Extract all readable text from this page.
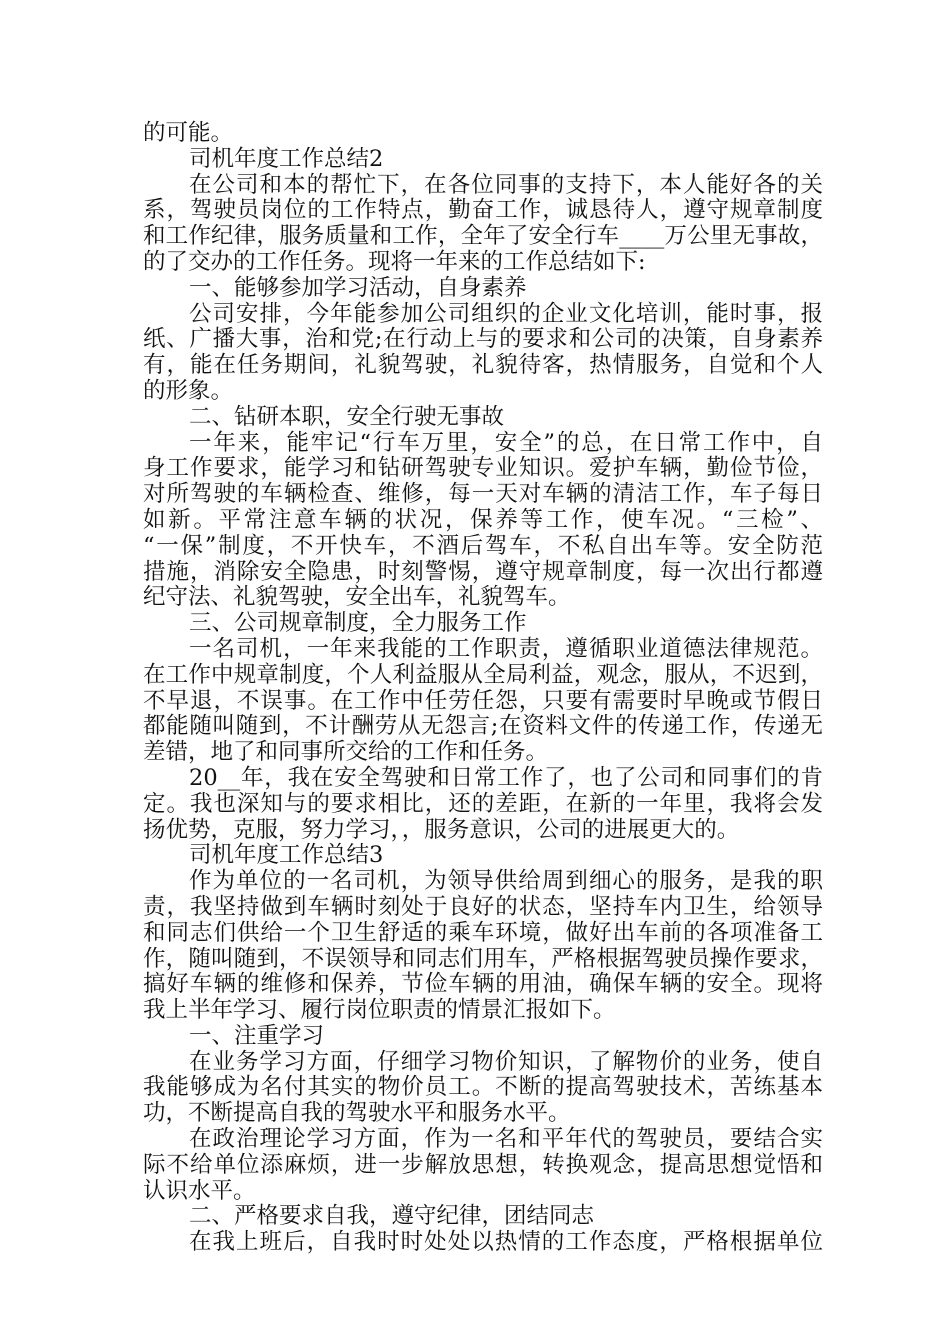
的可能。
司机年度工作总结2
在公司和本的帮忙下，在各位同事的支持下，本人能好各的关
系，驾驶员岗位的工作特点，勤奋工作，诚恳待人，遵守规章制度
和工作纪律，服务质量和工作，全年了安全行车____万公里无事故，
的了交办的工作任务。现将一年来的工作总结如下:
一、能够参加学习活动，自身素养
公司安排，今年能参加公司组织的企业文化培训，能时事，报
纸、广播大事，治和党;在行动上与的要求和公司的决策，自身素养
有，能在任务期间，礼貌驾驶，礼貌待客，热情服务，自觉和个人
的形象。
二、钻研本职，安全行驶无事故
一年来，能牢记“行车万里，安全”的总，在日常工作中，自
身工作要求，能学习和钻研驾驶专业知识。爱护车辆，勤俭节俭，
对所驾驶的车辆检查、维修，每一天对车辆的清洁工作，车子每日
如新。平常注意车辆的状况，保养等工作，使车况。“三检”、
“一保”制度，不开快车，不酒后驾车，不私自出车等。安全防范
措施，消除安全隐患，时刻警惕，遵守规章制度，每一次出行都遵
纪守法、礼貌驾驶，安全出车，礼貌驾车。
三、公司规章制度，全力服务工作
一名司机，一年来我能的工作职责，遵循职业道德法律规范。
在工作中规章制度，个人利益服从全局利益，观念，服从，不迟到，
不早退，不误事。在工作中任劳任怨，只要有需要时早晚或节假日
都能随叫随到，不计酬劳从无怨言;在资料文件的传递工作，传递无
差错，地了和同事所交给的工作和任务。
20__年，我在安全驾驶和日常工作了，也了公司和同事们的肯
定。我也深知与的要求相比，还的差距，在新的一年里，我将会发
扬优势，克服，努力学习，，服务意识，公司的进展更大的。
司机年度工作总结3
作为单位的一名司机，为领导供给周到细心的服务，是我的职
责，我坚持做到车辆时刻处于良好的状态，坚持车内卫生，给领导
和同志们供给一个卫生舒适的乘车环境，做好出车前的各项准备工
作，随叫随到，不误领导和同志们用车，严格根据驾驶员操作要求，
搞好车辆的维修和保养，节俭车辆的用油，确保车辆的安全。现将
我上半年学习、履行岗位职责的情景汇报如下。
一、注重学习
在业务学习方面，仔细学习物价知识，了解物价的业务，使自
我能够成为名付其实的物价员工。不断的提高驾驶技术，苦练基本
功，不断提高自我的驾驶水平和服务水平。
在政治理论学习方面，作为一名和平年代的驾驶员，要结合实
际不给单位添麻烦，进一步解放思想，转换观念，提高思想觉悟和
认识水平。
二、严格要求自我，遵守纪律，团结同志
在我上班后，自我时时处处以热情的工作态度，严格根据单位
